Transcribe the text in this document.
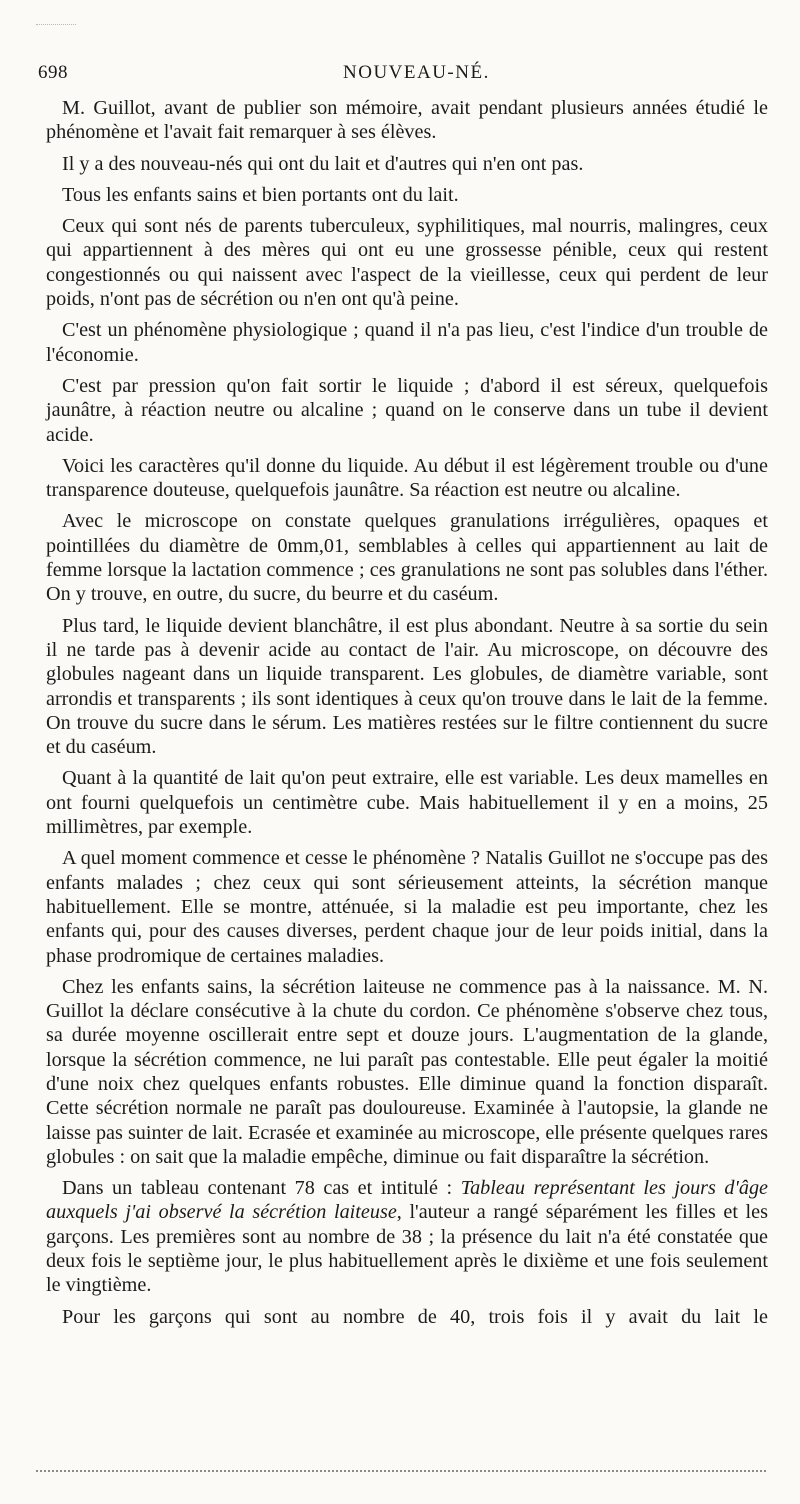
698	NOUVEAU-NÉ.

M. Guillot, avant de publier son mémoire, avait pendant plusieurs années étudié le phénomène et l'avait fait remarquer à ses élèves.

Il y a des nouveau-nés qui ont du lait et d'autres qui n'en ont pas.

Tous les enfants sains et bien portants ont du lait.

Ceux qui sont nés de parents tuberculeux, syphilitiques, mal nourris, malingres, ceux qui appartiennent à des mères qui ont eu une grossesse pénible, ceux qui restent congestionnés ou qui naissent avec l'aspect de la vieillesse, ceux qui perdent de leur poids, n'ont pas de sécrétion ou n'en ont qu'à peine.

C'est un phénomène physiologique ; quand il n'a pas lieu, c'est l'indice d'un trouble de l'économie.

C'est par pression qu'on fait sortir le liquide ; d'abord il est séreux, quelquefois jaunâtre, à réaction neutre ou alcaline ; quand on le conserve dans un tube il devient acide.

Voici les caractères qu'il donne du liquide. Au début il est légèrement trouble ou d'une transparence douteuse, quelquefois jaunâtre. Sa réaction est neutre ou alcaline.

Avec le microscope on constate quelques granulations irrégulières, opaques et pointillées du diamètre de 0mm,01, semblables à celles qui appartiennent au lait de femme lorsque la lactation commence ; ces granulations ne sont pas solubles dans l'éther. On y trouve, en outre, du sucre, du beurre et du caséum.

Plus tard, le liquide devient blanchâtre, il est plus abondant. Neutre à sa sortie du sein il ne tarde pas à devenir acide au contact de l'air. Au microscope, on découvre des globules nageant dans un liquide transparent. Les globules, de diamètre variable, sont arrondis et transparents ; ils sont identiques à ceux qu'on trouve dans le lait de la femme. On trouve du sucre dans le sérum. Les matières restées sur le filtre contiennent du sucre et du caséum.

Quant à la quantité de lait qu'on peut extraire, elle est variable. Les deux mamelles en ont fourni quelquefois un centimètre cube. Mais habituellement il y en a moins, 25 millimètres, par exemple.

A quel moment commence et cesse le phénomène ? Natalis Guillot ne s'occupe pas des enfants malades ; chez ceux qui sont sérieusement atteints, la sécrétion manque habituellement. Elle se montre, atténuée, si la maladie est peu importante, chez les enfants qui, pour des causes diverses, perdent chaque jour de leur poids initial, dans la phase prodromique de certaines maladies.

Chez les enfants sains, la sécrétion laiteuse ne commence pas à la naissance. M. N. Guillot la déclare consécutive à la chute du cordon. Ce phénomène s'observe chez tous, sa durée moyenne oscillerait entre sept et douze jours. L'augmentation de la glande, lorsque la sécrétion commence, ne lui paraît pas contestable. Elle peut égaler la moitié d'une noix chez quelques enfants robustes. Elle diminue quand la fonction disparaît. Cette sécrétion normale ne paraît pas douloureuse. Examinée à l'autopsie, la glande ne laisse pas suinter de lait. Ecrasée et examinée au microscope, elle présente quelques rares globules : on sait que la maladie empêche, diminue ou fait disparaître la sécrétion.

Dans un tableau contenant 78 cas et intitulé : Tableau représentant les jours d'âge auxquels j'ai observé la sécrétion laiteuse, l'auteur a rangé séparément les filles et les garçons. Les premières sont au nombre de 38 ; la présence du lait n'a été constatée que deux fois le septième jour, le plus habituellement après le dixième et une fois seulement le vingtième.

Pour les garçons qui sont au nombre de 40, trois fois il y avait du lait le
